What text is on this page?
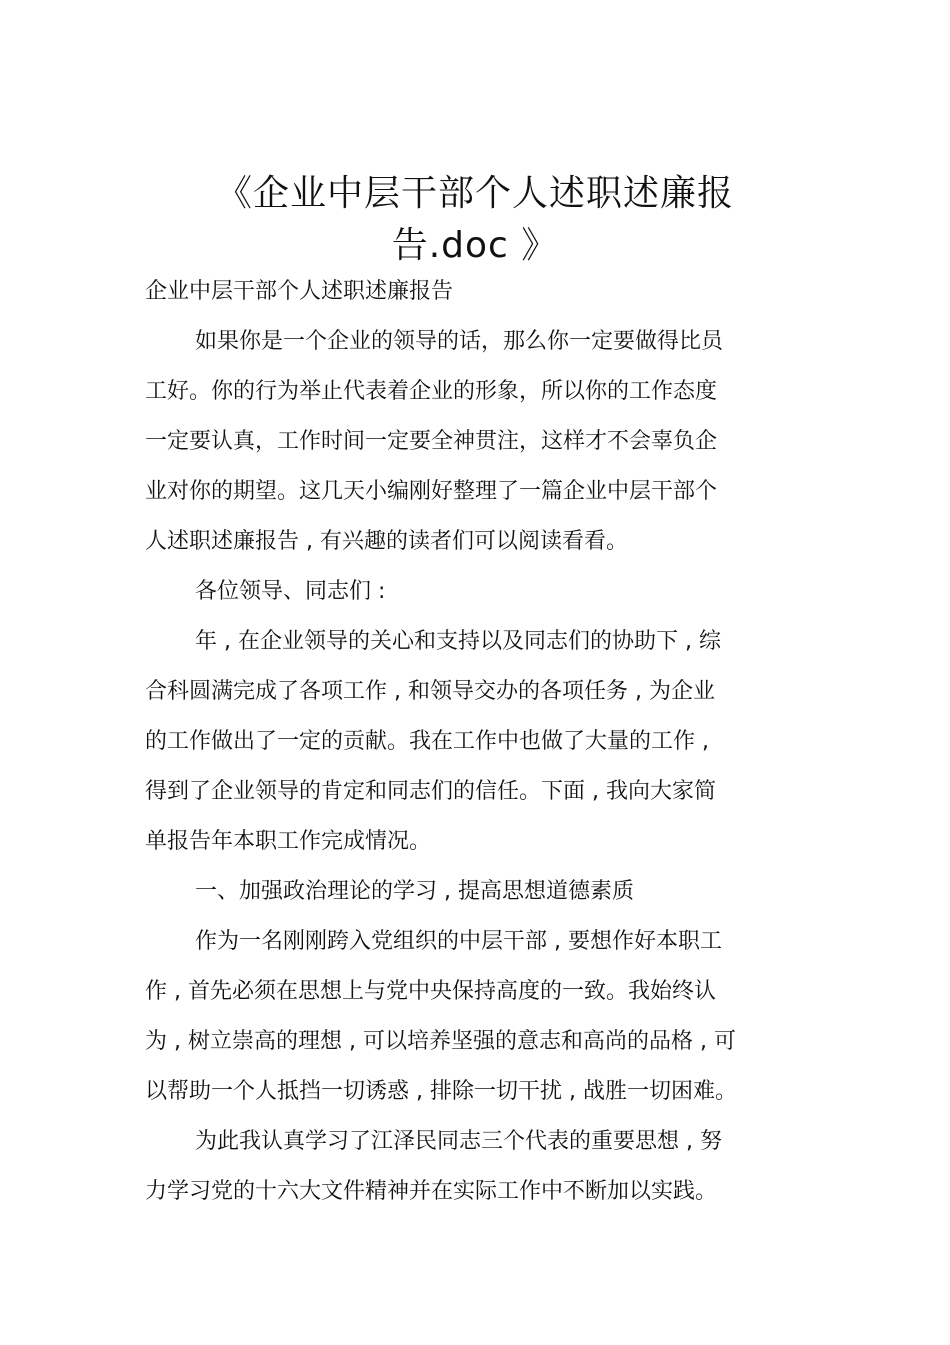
《企业中层干部个人述职述廉报
告.doc 》
企业中层干部个人述职述廉报告
如果你是一个企业的领导的话，那么你一定要做得比员
工好。你的行为举止代表着企业的形象，所以你的工作态度
一定要认真，工作时间一定要全神贯注，这样才不会辜负企
业对你的期望。这几天小编刚好整理了一篇企业中层干部个
人述职述廉报告 , 有兴趣的读者们可以阅读看看。
各位领导、同志们 :
年 , 在企业领导的关心和支持以及同志们的协助下 , 综
合科圆满完成了各项工作 , 和领导交办的各项任务 , 为企业
的工作做出了一定的贡献。我在工作中也做了大量的工作 ,
得到了企业领导的肯定和同志们的信任。下面 , 我向大家简
单报告年本职工作完成情况。
一、加强政治理论的学习 , 提高思想道德素质
作为一名刚刚跨入党组织的中层干部 , 要想作好本职工
作 , 首先必须在思想上与党中央保持高度的一致。我始终认
为 , 树立崇高的理想 , 可以培养坚强的意志和高尚的品格 , 可
以帮助一个人抵挡一切诱惑 , 排除一切干扰 , 战胜一切困难。
为此我认真学习了江泽民同志三个代表的重要思想 , 努
力学习党的十六大文件精神并在实际工作中不断加以实践。
